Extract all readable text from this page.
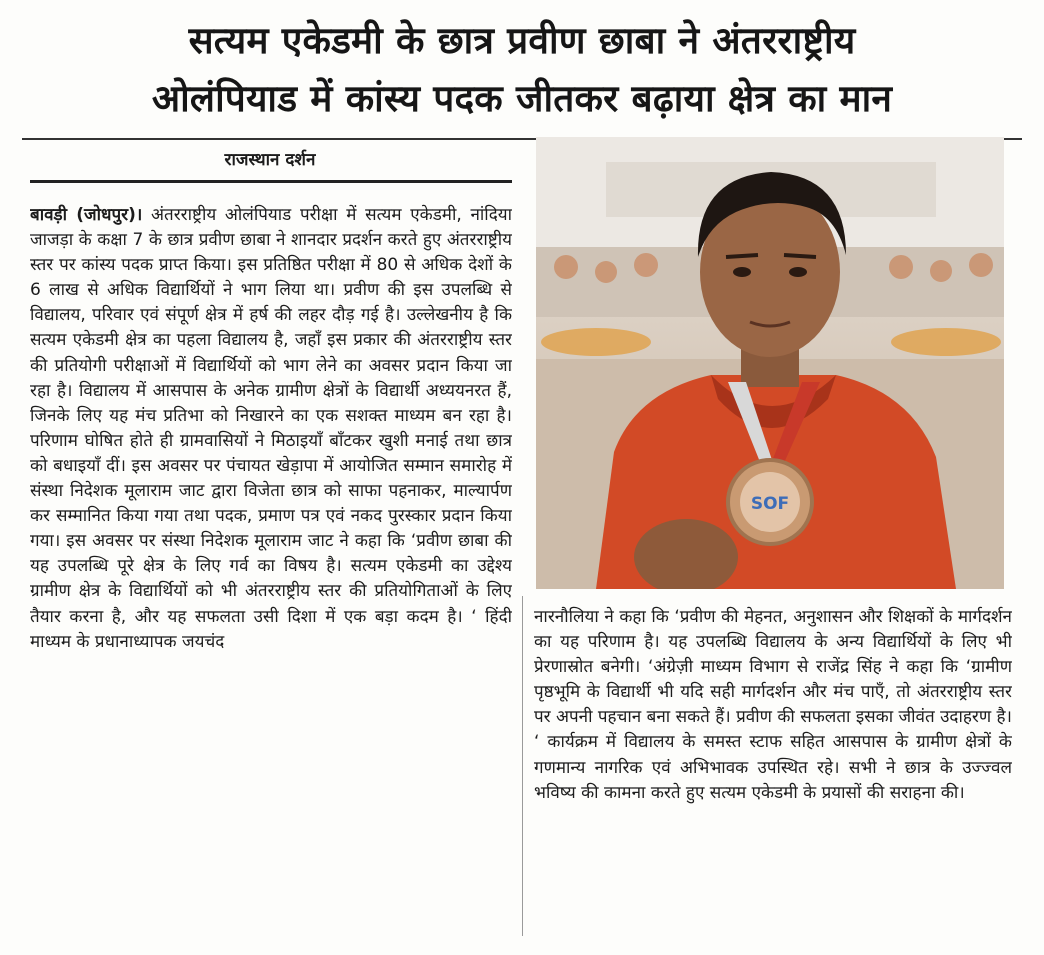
सत्यम एकेडमी के छात्र प्रवीण छाबा ने अंतरराष्ट्रीय
ओलंपियाड में कांस्य पदक जीतकर बढ़ाया क्षेत्र का मान
राजस्थान दर्शन
बावड़ी (जोधपुर)। अंतरराष्ट्रीय ओलंपियाड परीक्षा में सत्यम एकेडमी, नांदिया जाजड़ा के कक्षा 7 के छात्र प्रवीण छाबा ने शानदार प्रदर्शन करते हुए अंतरराष्ट्रीय स्तर पर कांस्य पदक प्राप्त किया। इस प्रतिष्ठित परीक्षा में 80 से अधिक देशों के 6 लाख से अधिक विद्यार्थियों ने भाग लिया था। प्रवीण की इस उपलब्धि से विद्यालय, परिवार एवं संपूर्ण क्षेत्र में हर्ष की लहर दौड़ गई है। उल्लेखनीय है कि सत्यम एकेडमी क्षेत्र का पहला विद्यालय है, जहाँ इस प्रकार की अंतरराष्ट्रीय स्तर की प्रतियोगी परीक्षाओं में विद्यार्थियों को भाग लेने का अवसर प्रदान किया जा रहा है। विद्यालय में आसपास के अनेक ग्रामीण क्षेत्रों के विद्यार्थी अध्ययनरत हैं, जिनके लिए यह मंच प्रतिभा को निखारने का एक सशक्त माध्यम बन रहा है। परिणाम घोषित होते ही ग्रामवासियों ने मिठाइयाँ बाँटकर खुशी मनाई तथा छात्र को बधाइयाँ दीं। इस अवसर पर पंचायत खेड़ापा में आयोजित सम्मान समारोह में संस्था निदेशक मूलाराम जाट द्वारा विजेता छात्र को साफा पहनाकर, माल्यार्पण कर सम्मानित किया गया तथा पदक, प्रमाण पत्र एवं नकद पुरस्कार प्रदान किया गया। इस अवसर पर संस्था निदेशक मूलाराम जाट ने कहा कि ‘प्रवीण छाबा की यह उपलब्धि पूरे क्षेत्र के लिए गर्व का विषय है। सत्यम एकेडमी का उद्देश्य ग्रामीण क्षेत्र के विद्यार्थियों को भी अंतरराष्ट्रीय स्तर की प्रतियोगिताओं के लिए तैयार करना है, और यह सफलता उसी दिशा में एक बड़ा कदम है। ‘ हिंदी माध्यम के प्रधानाध्यापक जयचंद
SOF
नारनौलिया ने कहा कि ‘प्रवीण की मेहनत, अनुशासन और शिक्षकों के मार्गदर्शन का यह परिणाम है। यह उपलब्धि विद्यालय के अन्य विद्यार्थियों के लिए भी प्रेरणास्रोत बनेगी। ‘अंग्रेज़ी माध्यम विभाग से राजेंद्र सिंह ने कहा कि ‘ग्रामीण पृष्ठभूमि के विद्यार्थी भी यदि सही मार्गदर्शन और मंच पाएँ, तो अंतरराष्ट्रीय स्तर पर अपनी पहचान बना सकते हैं। प्रवीण की सफलता इसका जीवंत उदाहरण है। ‘ कार्यक्रम में विद्यालय के समस्त स्टाफ सहित आसपास के ग्रामीण क्षेत्रों के गणमान्य नागरिक एवं अभिभावक उपस्थित रहे। सभी ने छात्र के उज्ज्वल भविष्य की कामना करते हुए सत्यम एकेडमी के प्रयासों की सराहना की।
